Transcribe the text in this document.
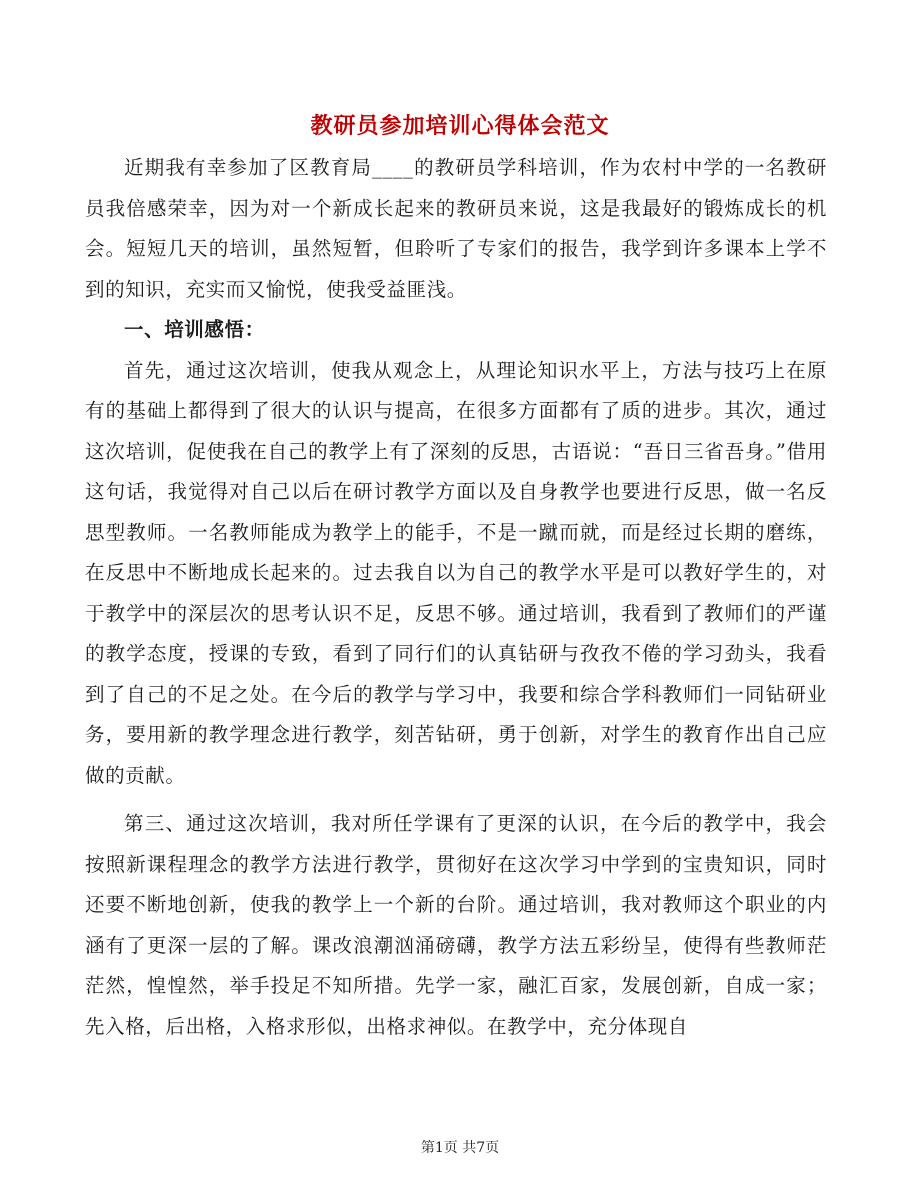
教研员参加培训心得体会范文

近期我有幸参加了区教育局____的教研员学科培训，作为农村中学的一名教研员我倍感荣幸，因为对一个新成长起来的教研员来说，这是我最好的锻炼成长的机会。短短几天的培训，虽然短暂，但聆听了专家们的报告，我学到许多课本上学不到的知识，充实而又愉悦，使我受益匪浅。

一、培训感悟：

首先，通过这次培训，使我从观念上，从理论知识水平上，方法与技巧上在原有的基础上都得到了很大的认识与提高，在很多方面都有了质的进步。其次，通过这次培训，促使我在自己的教学上有了深刻的反思，古语说：“吾日三省吾身。”借用这句话，我觉得对自己以后在研讨教学方面以及自身教学也要进行反思，做一名反思型教师。一名教师能成为教学上的能手，不是一蹴而就，而是经过长期的磨练，在反思中不断地成长起来的。过去我自以为自己的教学水平是可以教好学生的，对于教学中的深层次的思考认识不足，反思不够。通过培训，我看到了教师们的严谨的教学态度，授课的专致，看到了同行们的认真钻研与孜孜不倦的学习劲头，我看到了自己的不足之处。在今后的教学与学习中，我要和综合学科教师们一同钻研业务，要用新的教学理念进行教学，刻苦钻研，勇于创新，对学生的教育作出自己应做的贡献。

第三、通过这次培训，我对所任学课有了更深的认识，在今后的教学中，我会按照新课程理念的教学方法进行教学，贯彻好在这次学习中学到的宝贵知识，同时还要不断地创新，使我的教学上一个新的台阶。通过培训，我对教师这个职业的内涵有了更深一层的了解。课改浪潮汹涌磅礴，教学方法五彩纷呈，使得有些教师茫茫然，惶惶然，举手投足不知所措。先学一家，融汇百家，发展创新，自成一家；先入格，后出格，入格求形似，出格求神似。在教学中，充分体现自

第1页 共7页
